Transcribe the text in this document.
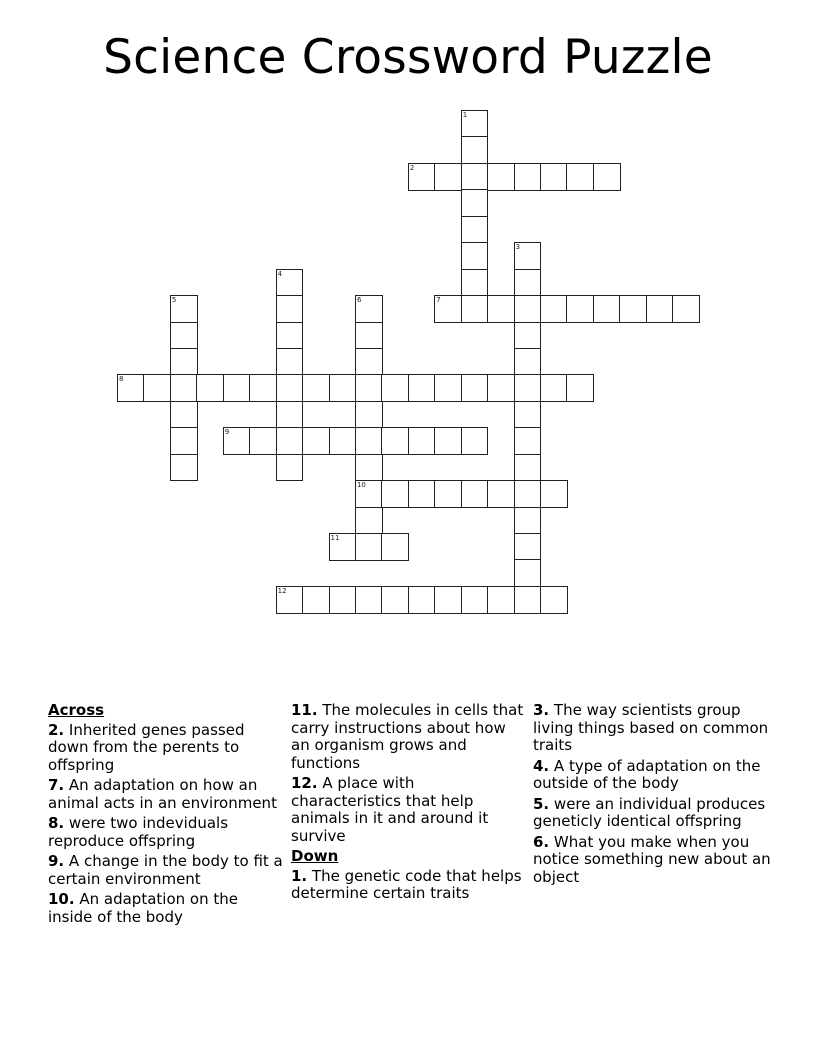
Science Crossword Puzzle
1
2
3
4
5	6
10
7
8
9
11
12
Across
2. Inherited genes passed down from the perents to offspring
7. An adaptation on how an animal acts in an environment
8. were two indeviduals reproduce offspring
9. A change in the body to fit a certain environment
10. An adaptation on the inside of the body
11. The molecules in cells that carry instructions about how an organism grows and functions
12. A place with characteristics that help animals in it and around it survive
Down
1. The genetic code that helps determine certain traits
3. The way scientists group living things based on common traits
4. A type of adaptation on the outside of the body
5. were an individual produces geneticly identical offspring
6. What you make when you notice something new about an object
